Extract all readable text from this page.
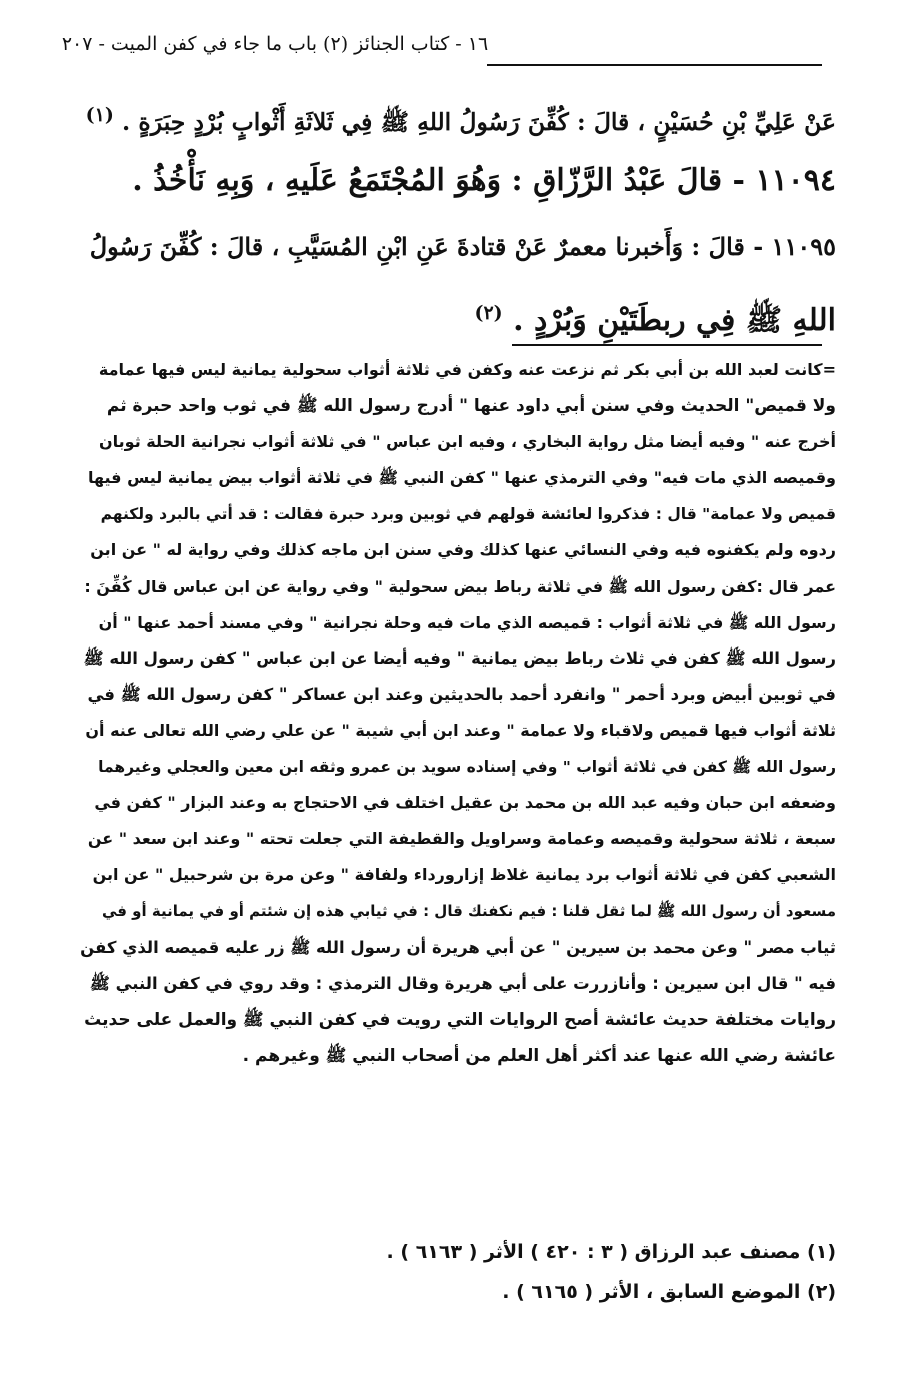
١٦ - كتاب الجنائز (٢) باب ما جاء في كفن الميت - ٢٠٧
عَنْ عَلِيِّ بْنِ حُسَيْنٍ ، قالَ : كُفِّنَ رَسُولُ اللهِ ﷺ فِي ثَلاثَةِ أَثْوابٍ بُرْدٍ حِبَرَةٍ . $^{(١)}$
١١٠٩٤ - قالَ عَبْدُ الرَّزّاقِ : وَهُوَ المُجْتَمَعُ عَلَيهِ ، وَبِهِ نَأْخُذُ .
١١٠٩٥ - قالَ : وَأَخبرنا معمرٌ عَنْ قتادةَ عَنِ ابْنِ المُسَيَّبِ ، قالَ : كُفِّنَ رَسُولُ
اللهِ ﷺ فِي ربطَتَيْنِ وَبُرْدٍ . $^{(٢)}$
=كانت لعبد الله بن أبي بكر ثم نزعت عنه وكفن في ثلاثة أثواب سحولية يمانية ليس فيها عمامة
ولا قميص" الحديث وفي سنن أبي داود عنها " أدرج رسول الله ﷺ في ثوب واحد حبرة ثم
أخرج عنه " وفيه أيضا مثل رواية البخاري ، وفيه ابن عباس " في ثلاثة أثواب نجرانية الحلة ثوبان
وقميصه الذي مات فيه" وفي الترمذي عنها " كفن النبي ﷺ في ثلاثة أثواب بيض يمانية ليس فيها
قميص ولا عمامة" قال : فذكروا لعائشة قولهم في ثوبين وبرد حبرة فقالت : قد أتي بالبرد ولكنهم
ردوه ولم يكفنوه فيه وفي النسائي عنها كذلك وفي سنن ابن ماجه كذلك وفي رواية له " عن ابن
عمر قال :كفن رسول الله ﷺ في ثلاثة رباط بيض سحولية " وفي رواية عن ابن عباس قال كُفِّنَ :
رسول الله ﷺ في ثلاثة أثواب : قميصه الذي مات فيه وحلة نجرانية " وفي مسند أحمد عنها " أن
رسول الله ﷺ كفن في ثلاث رباط بيض يمانية " وفيه أيضا عن ابن عباس " كفن رسول الله ﷺ
في ثوبين أبيض وبرد أحمر " وانفرد أحمد بالحديثين وعند ابن عساكر " كفن رسول الله ﷺ في
ثلاثة أثواب فيها قميص ولاقباء ولا عمامة " وعند ابن أبي شيبة " عن علي رضي الله تعالى عنه أن
رسول الله ﷺ كفن في ثلاثة أثواب " وفي إسناده سويد بن عمرو وثقه ابن معين والعجلي وغيرهما
وضعفه ابن حبان وفيه عبد الله بن محمد بن عقيل اختلف في الاحتجاج به وعند البزار " كفن في
سبعة ، ثلاثة سحولية وقميصه وعمامة وسراويل والقطيفة التي جعلت تحته " وعند ابن سعد " عن
الشعبي كفن في ثلاثة أثواب برد يمانية غلاظ إزارورداء ولفافة " وعن مرة بن شرحبيل " عن ابن
مسعود أن رسول الله ﷺ لما ثقل قلنا : فيم نكفنك قال : في ثيابي هذه إن شئتم أو في يمانية أو في
ثياب مصر " وعن محمد بن سيرين " عن أبي هريرة أن رسول الله ﷺ زر عليه قميصه الذي كفن
فيه " قال ابن سيرين : وأنازررت على أبي هريرة وقال الترمذي : وقد روي في كفن النبي ﷺ
روايات مختلفة حديث عائشة أصح الروايات التي رويت في كفن النبي ﷺ والعمل على حديث
عائشة رضي الله عنها عند أكثر أهل العلم من أصحاب النبي ﷺ وغيرهم .
(١) مصنف عبد الرزاق ( ٣ : ٤٢٠ ) الأثر ( ٦١٦٣ ) .
(٢) الموضع السابق ، الأثر ( ٦١٦٥ ) .
